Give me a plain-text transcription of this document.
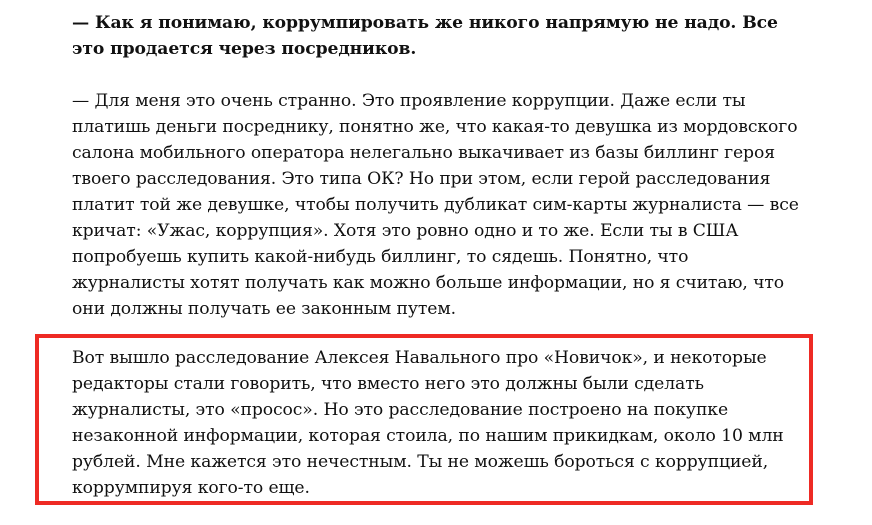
— Как я понимаю, коррумпировать же никого напрямую не надо. Все это продается через посредников.

— Для меня это очень странно. Это проявление коррупции. Даже если ты платишь деньги посреднику, понятно же, что какая-то девушка из мордовского салона мобильного оператора нелегально выкачивает из базы биллинг героя твоего расследования. Это типа ОК? Но при этом, если герой расследования платит той же девушке, чтобы получить дубликат сим-карты журналиста — все кричат: «Ужас, коррупция». Хотя это ровно одно и то же. Если ты в США попробуешь купить какой-нибудь биллинг, то сядешь. Понятно, что журналисты хотят получать как можно больше информации, но я считаю, что они должны получать ее законным путем.

Вот вышло расследование Алексея Навального про «Новичок», и некоторые редакторы стали говорить, что вместо него это должны были сделать журналисты, это «просос». Но это расследование построено на покупке незаконной информации, которая стоила, по нашим прикидкам, около 10 млн рублей. Мне кажется это нечестным. Ты не можешь бороться с коррупцией, коррумпируя кого-то еще.
